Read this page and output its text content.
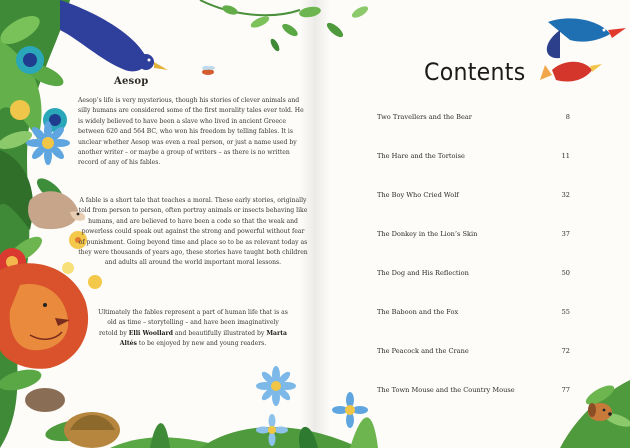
Aesop
Aesop’s life is very mysterious, though his stories of clever animals and silly humans are considered some of the first morality tales ever told. He is widely believed to have been a slave who lived in ancient Greece between 620 and 564 BC, who won his freedom by telling fables. It is unclear whether Aesop was even a real person, or just a name used by another writer – or maybe a group of writers – as there is no written record of any of his fables.
A fable is a short tale that teaches a moral. These early stories, originally told from person to person, often portray animals or insects behaving like humans, and are believed to have been a code so that the weak and powerless could speak out against the strong and powerful without fear of punishment. Going beyond time and place so to be as relevant today as they were thousands of years ago, these stories have taught both children and adults all around the world important moral lessons.
Ultimately the fables represent a part of human life that is as old as time – storytelling – and have been imaginatively retold by Elli Woollard and beautifully illustrated by Marta Altés to be enjoyed by new and young readers.
Contents
Two Travellers and the Bear	8
The Hare and the Tortoise	11
The Boy Who Cried Wolf	32
The Donkey in the Lion’s Skin	37
The Dog and His Reflection	50
The Baboon and the Fox	55
The Peacock and the Crane	72
The Town Mouse and the Country Mouse	77
